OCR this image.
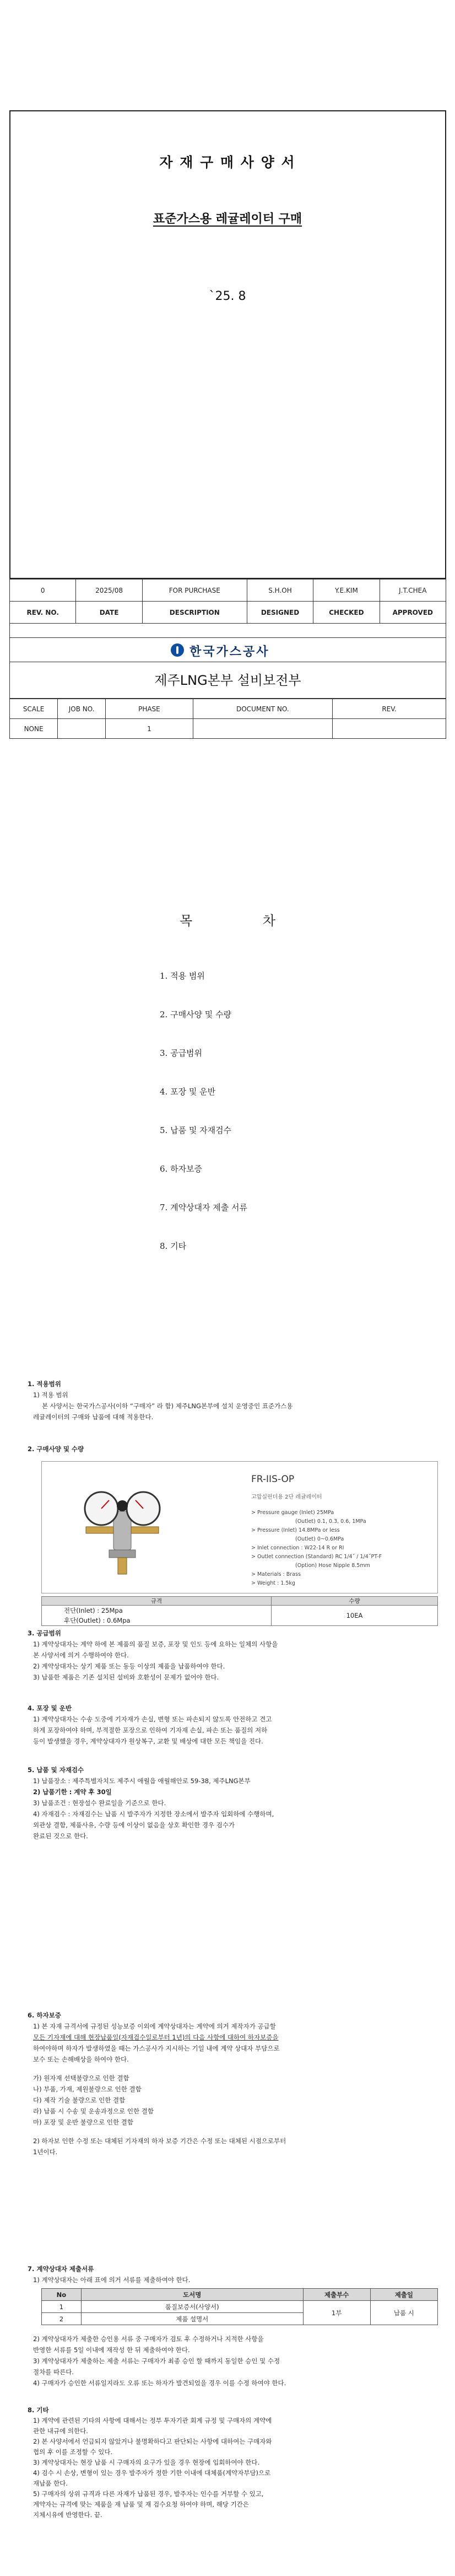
자 재 구 매 사 양 서
표준가스용 레귤레이터 구매
`25. 8
0	2025/08	FOR PURCHASE	S.H.OH	Y.E.KIM	J.T.CHEA
REV. NO.	DATE	DESCRIPTION	DESIGNED	CHECKED	APPROVED
한국가스공사
제주LNG본부 설비보전부
SCALE	JOB NO.	PHASE	DOCUMENT NO.	REV.
NONE		1		
목 차
1. 적용 범위
2. 구매사양 및 수량
3. 공급범위
4. 포장 및 운반
5. 납품 및 자재검수
6. 하자보증
7. 계약상대자 제출 서류
8. 기타

1. 적용범위

1) 적용 범위

본 사양서는 한국가스공사(이하 “구매자” 라 함) 제주LNG본부에 설치 운영중인 표준가스용

레귤레이터의 구매와 납품에 대해 적용한다.

2. 구매사양 및 수량

FR-IIS-OP
고압실린더용 2단 레귤레이터
> Pressure gauge (Inlet) 25MPa
(Outlet) 0.1, 0.3, 0.6, 1MPa
> Pressure (Inlet) 14.8MPa or less
(Outlet) 0~0.6MPa
> Inlet connection : W22-14 R or RI
> Outlet connection (Standard) RC 1/4˝ / 1/4˝PT-F
(Option) Hose Nipple 8.5mm
> Materials : Brass
> Weight : 1.5kg
규격	수량

전단(Inlet) : 25Mpa
후단(Outlet) : 0.6Mpa	10EA

3. 공급범위

1) 계약상대자는 계약 하에 본 제품의 품질 보증, 포장 및 인도 등에 요하는 일체의 사항을

본 사양서에 의거 수행하여야 한다.

2) 계약상대자는 상기 제품 또는 동등 이상의 제품을 납품하여야 한다.

3) 납품한 제품은 기존 설치된 설비와 호환성이 문제가 없어야 한다.

4. 포장 및 운반

1) 계약상대자는 수송 도중에 기자재가 손실, 변형 또는 파손되지 않도록 안전하고 견고

하게 포장하여야 하며, 부적절한 포장으로 인하여 기자재 손실, 파손 또는 품질의 저하

등이 발생했을 경우, 계약상대자가 원상복구, 교환 및 배상에 대한 모든 책임을 진다.

5. 납품 및 자재검수

1) 납품장소 : 제주특별자치도 제주시 애월읍 애월해안로 59-38, 제주LNG본부

2) 납품기한 : 계약 후 30일

3) 납품조건 : 현장설수 완료일을 기준으로 한다.

4) 자재검수 : 자재검수는 납품 시 발주자가 지정한 장소에서 발주자 입회하에 수행하며,

외관상 결함, 제품사유, 수량 등에 이상이 없음을 상호 확인한 경우 검수가

완료된 것으로 한다.

6. 하자보증

1) 본 자재 규격서에 규정된 성능보증 이외에 계약상대자는 계약에 의거 제작자가 공급할

모든 기자재에 대해 현장납품일(자재검수일로부터 1년)의 다음 사항에 대하여 하자보증을

하여야하며 하자가 발생하였을 때는 가스공사가 지시하는 기일 내에 계약 상대자 부담으로

보수 또는 손해배상을 하여야 한다.

가) 원자재 선택불량으로 인한 결함

나) 부품, 가재, 제원불량으로 인한 결함

다) 제작 기술 불량으로 인한 결함

라) 납품 시 수송 및 운송과정으로 인한 결함

마) 포장 및 운반 불량으로 인한 결함

2) 하자보 인한 수정 또는 대체된 기자재의 하자 보증 기간은 수정 또는 대체된 시점으로부터

1년이다.

7. 계약상대자 제출서류

1) 계약상대자는 아래 표에 의거 서류를 제출하여야 한다.

No	도서명	제출부수	제출일
1	품질보증서(사양서)	1부	납품 시
2	제품 설명서		

2) 계약상대자가 제출한 승인용 서류 중 구매자가 검토 후 수정하거나 지적한 사항을

반영한 서류를 5일 이내에 재작성 한 뒤 제출하여야 한다.

3) 계약상대자가 제출하는 제출 서류는 구매자가 최종 승인 할 때까지 동일한 승인 및 수정

절차를 따른다.

4) 구매자가 승인한 서류일지라도 오류 또는 하자가 발견되었을 경우 이를 수정 하여야 한다.

8. 기타

1) 계약에 관련된 기타의 사항에 대해서는 정부 투자기관 회계 규정 및 구매자의 계약에

관한 내규에 의한다.

2) 본 사양서에서 언급되지 않았거나 불명확하다고 판단되는 사항에 대하여는 구매자와

협의 후 이를 조정할 수 있다.

3) 계약상대자는 현장 납품 시 구매자의 요구가 있을 경우 현장에 입회하여야 한다.

4) 검수 시 손상, 변형이 있는 경우 발주자가 정한 기한 이내에 대체품(계약자부담)으로

재납품 한다.

5) 구매자의 상위 규격과 다른 자재가 납품된 경우, 발주자는 인수를 거부할 수 있고,

계약자는 규격에 맞는 제품을 재 납품 및 재 검수요청 하여야 하며, 해당 기간은

지체시유에 반영한다. 끝.
